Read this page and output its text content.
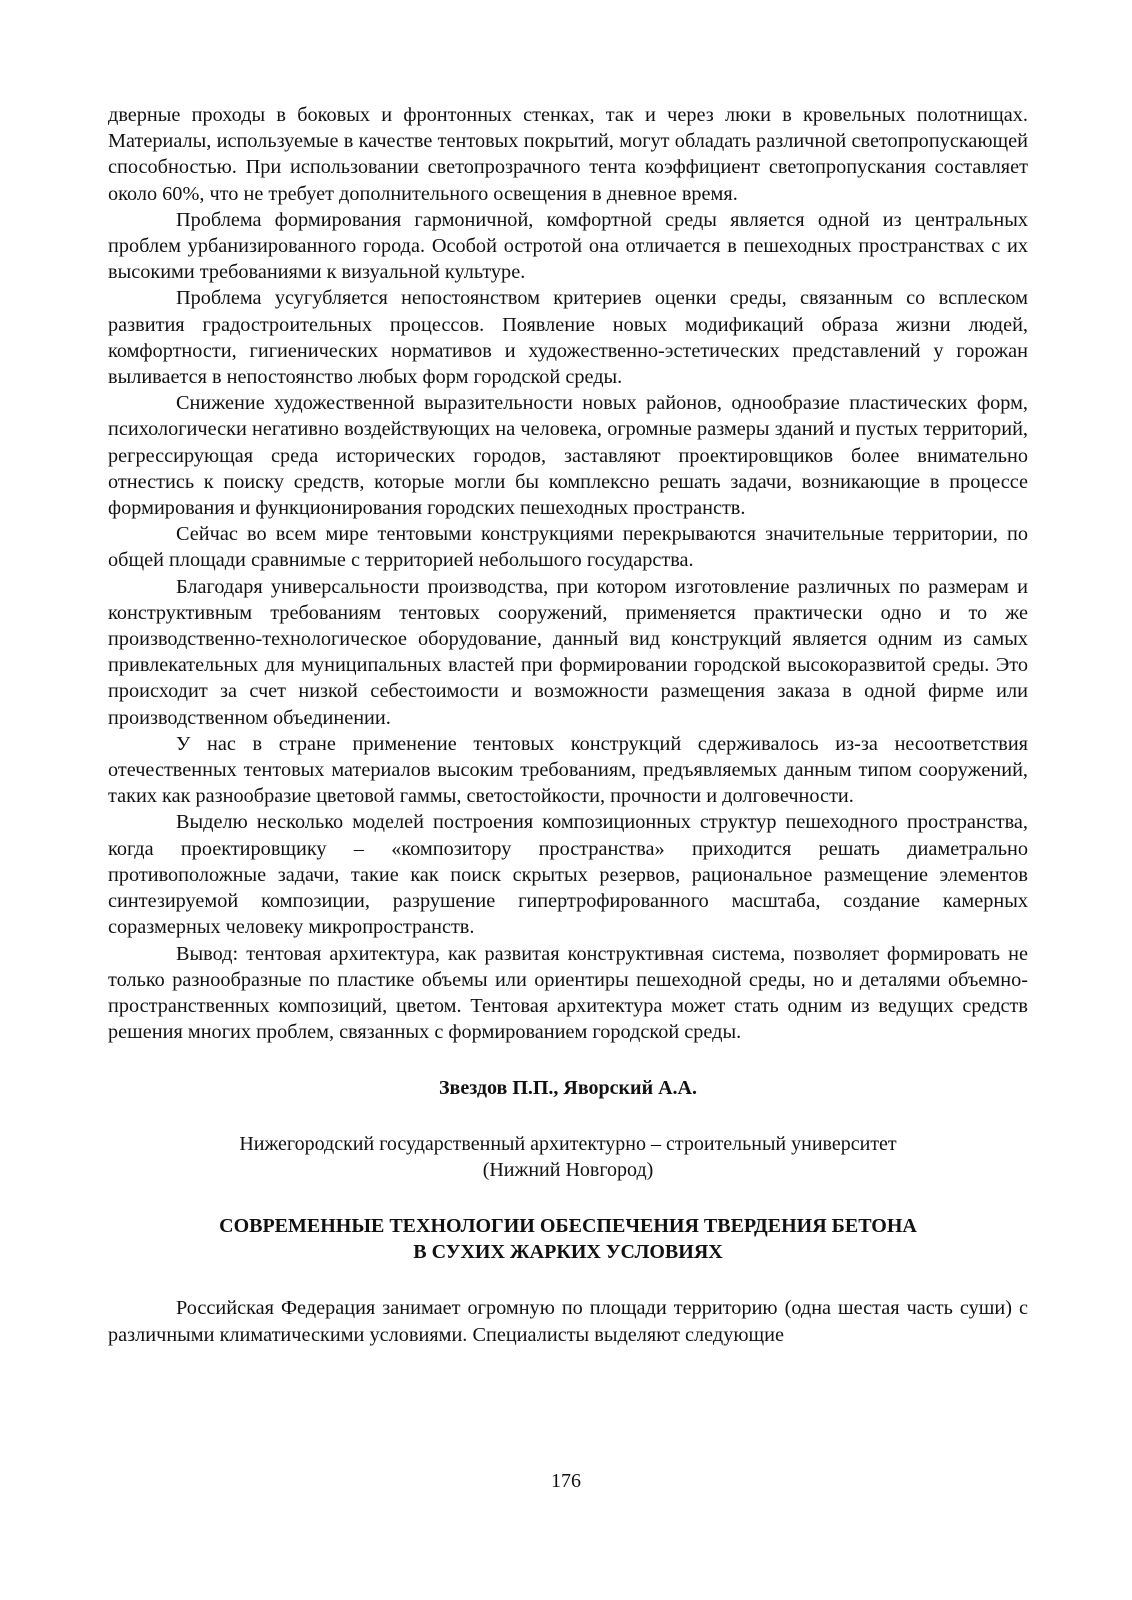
дверные проходы в боковых и фронтонных стенках, так и через люки в кровельных полотнищах. Материалы, используемые в качестве тентовых покрытий, могут обладать различной светопропускающей способностью. При использовании светопрозрачного тента коэффициент светопропускания составляет около 60%, что не требует дополнительного освещения в дневное время.

Проблема формирования гармоничной, комфортной среды является одной из центральных проблем урбанизированного города. Особой остротой она отличается в пешеходных пространствах с их высокими требованиями к визуальной культуре.

Проблема усугубляется непостоянством критериев оценки среды, связанным со всплеском развития градостроительных процессов. Появление новых модификаций образа жизни людей, комфортности, гигиенических нормативов и художественно-эстетических представлений у горожан выливается в непостоянство любых форм городской среды.

Снижение художественной выразительности новых районов, однообразие пластических форм, психологически негативно воздействующих на человека, огромные размеры зданий и пустых территорий, регрессирующая среда исторических городов, заставляют проектировщиков более внимательно отнестись к поиску средств, которые могли бы комплексно решать задачи, возникающие в процессе формирования и функционирования городских пешеходных пространств.

Сейчас во всем мире тентовыми конструкциями перекрываются значительные территории, по общей площади сравнимые с территорией небольшого государства.

Благодаря универсальности производства, при котором изготовление различных по размерам и конструктивным требованиям тентовых сооружений, применяется практически одно и то же производственно-технологическое оборудование, данный вид конструкций является одним из самых привлекательных для муниципальных властей при формировании городской высокоразвитой среды. Это происходит за счет низкой себестоимости и возможности размещения заказа в одной фирме или производственном объединении.

У нас в стране применение тентовых конструкций сдерживалось из-за несоответствия отечественных тентовых материалов высоким требованиям, предъявляемых данным типом сооружений, таких как разнообразие цветовой гаммы, светостойкости, прочности и долговечности.

Выделю несколько моделей построения композиционных структур пешеходного пространства, когда проектировщику – «композитору пространства» приходится решать диаметрально противоположные задачи, такие как поиск скрытых резервов, рациональное размещение элементов синтезируемой композиции, разрушение гипертрофированного масштаба, создание камерных соразмерных человеку микропространств.

Вывод: тентовая архитектура, как развитая конструктивная система, позволяет формировать не только разнообразные по пластике объемы или ориентиры пешеходной среды, но и деталями объемно-пространственных композиций, цветом. Тентовая архитектура может стать одним из ведущих средств решения многих проблем, связанных с формированием городской среды.

Звездов П.П., Яворский А.А.
Нижегородский государственный архитектурно – строительный университет
(Нижний Новгород)
СОВРЕМЕННЫЕ ТЕХНОЛОГИИ ОБЕСПЕЧЕНИЯ ТВЕРДЕНИЯ БЕТОНА
В СУХИХ ЖАРКИХ УСЛОВИЯХ

Российская Федерация занимает огромную по площади территорию (одна шестая часть суши) с различными климатическими условиями. Специалисты выделяют следующие

176
